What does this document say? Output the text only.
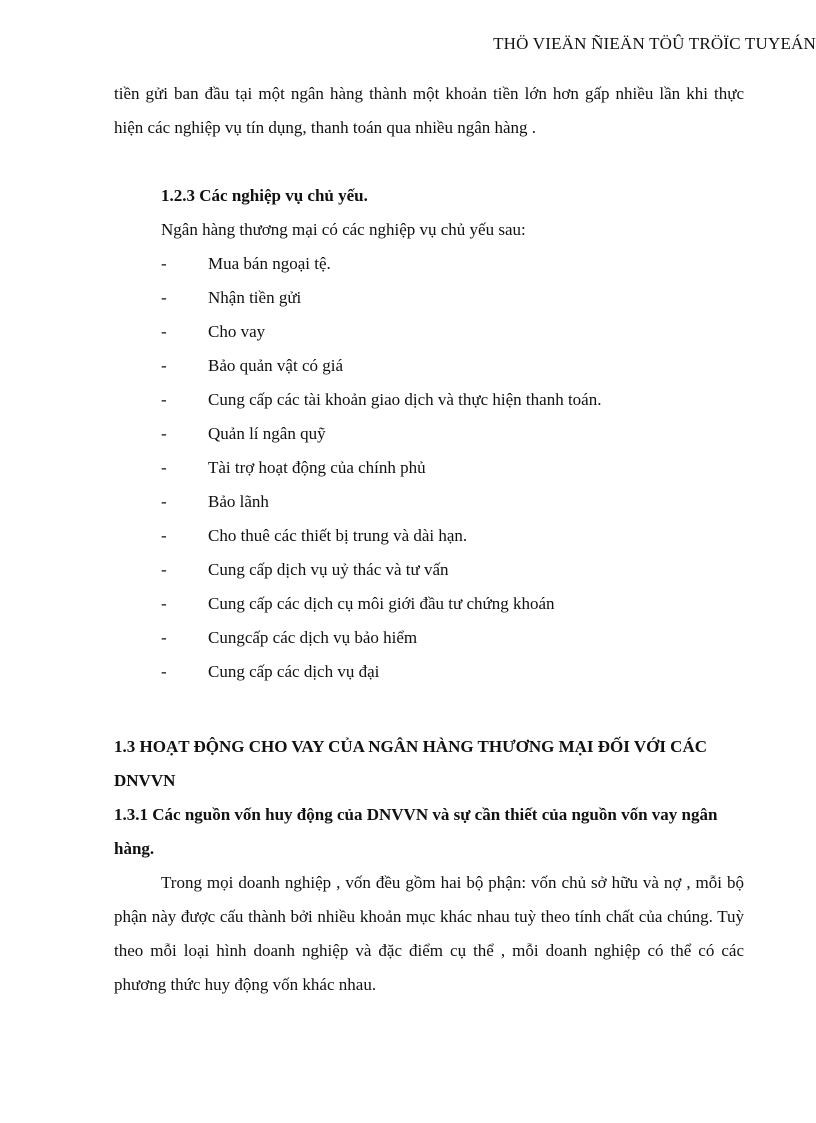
THÖ VIEÄN ÑIEÄN TÖÛ TRÖÏC TUYEÁN

tiền gửi ban đầu tại một ngân hàng thành một khoản tiền lớn hơn gấp nhiều lần khi thực hiện các nghiệp vụ tín dụng, thanh toán qua nhiều ngân hàng .

1.2.3 Các nghiệp vụ chủ yếu.
Ngân hàng thương mại có các nghiệp vụ chủ yếu sau:
- Mua bán ngoại tệ.
- Nhận tiền gửi
- Cho vay
- Bảo quản vật có giá
- Cung cấp các tài khoản giao dịch và thực hiện thanh toán.
- Quản lí ngân quỹ
- Tài trợ hoạt động của chính phủ
- Bảo lãnh
- Cho thuê các thiết bị trung và dài hạn.
- Cung cấp dịch vụ uỷ thác và tư vấn
- Cung cấp các dịch cụ môi giới đầu tư chứng khoán
- Cungcấp các dịch vụ bảo hiểm
- Cung cấp các dịch vụ đại
1.3 HOẠT ĐỘNG CHO VAY CỦA NGÂN HÀNG THƯƠNG MẠI ĐỐI VỚI CÁC DNVVN
1.3.1 Các nguồn vốn huy động của DNVVN và sự cần thiết của nguồn vốn vay ngân hàng.

Trong mọi doanh nghiệp , vốn đều gồm hai bộ phận: vốn chủ sở hữu và nợ , mỗi bộ phận này được cấu thành bởi nhiều khoản mục khác nhau tuỳ theo tính chất của chúng. Tuỳ theo mỗi loại hình doanh nghiệp và đặc điểm cụ thể , mỗi doanh nghiệp có thể có các phương thức huy động vốn khác nhau.
